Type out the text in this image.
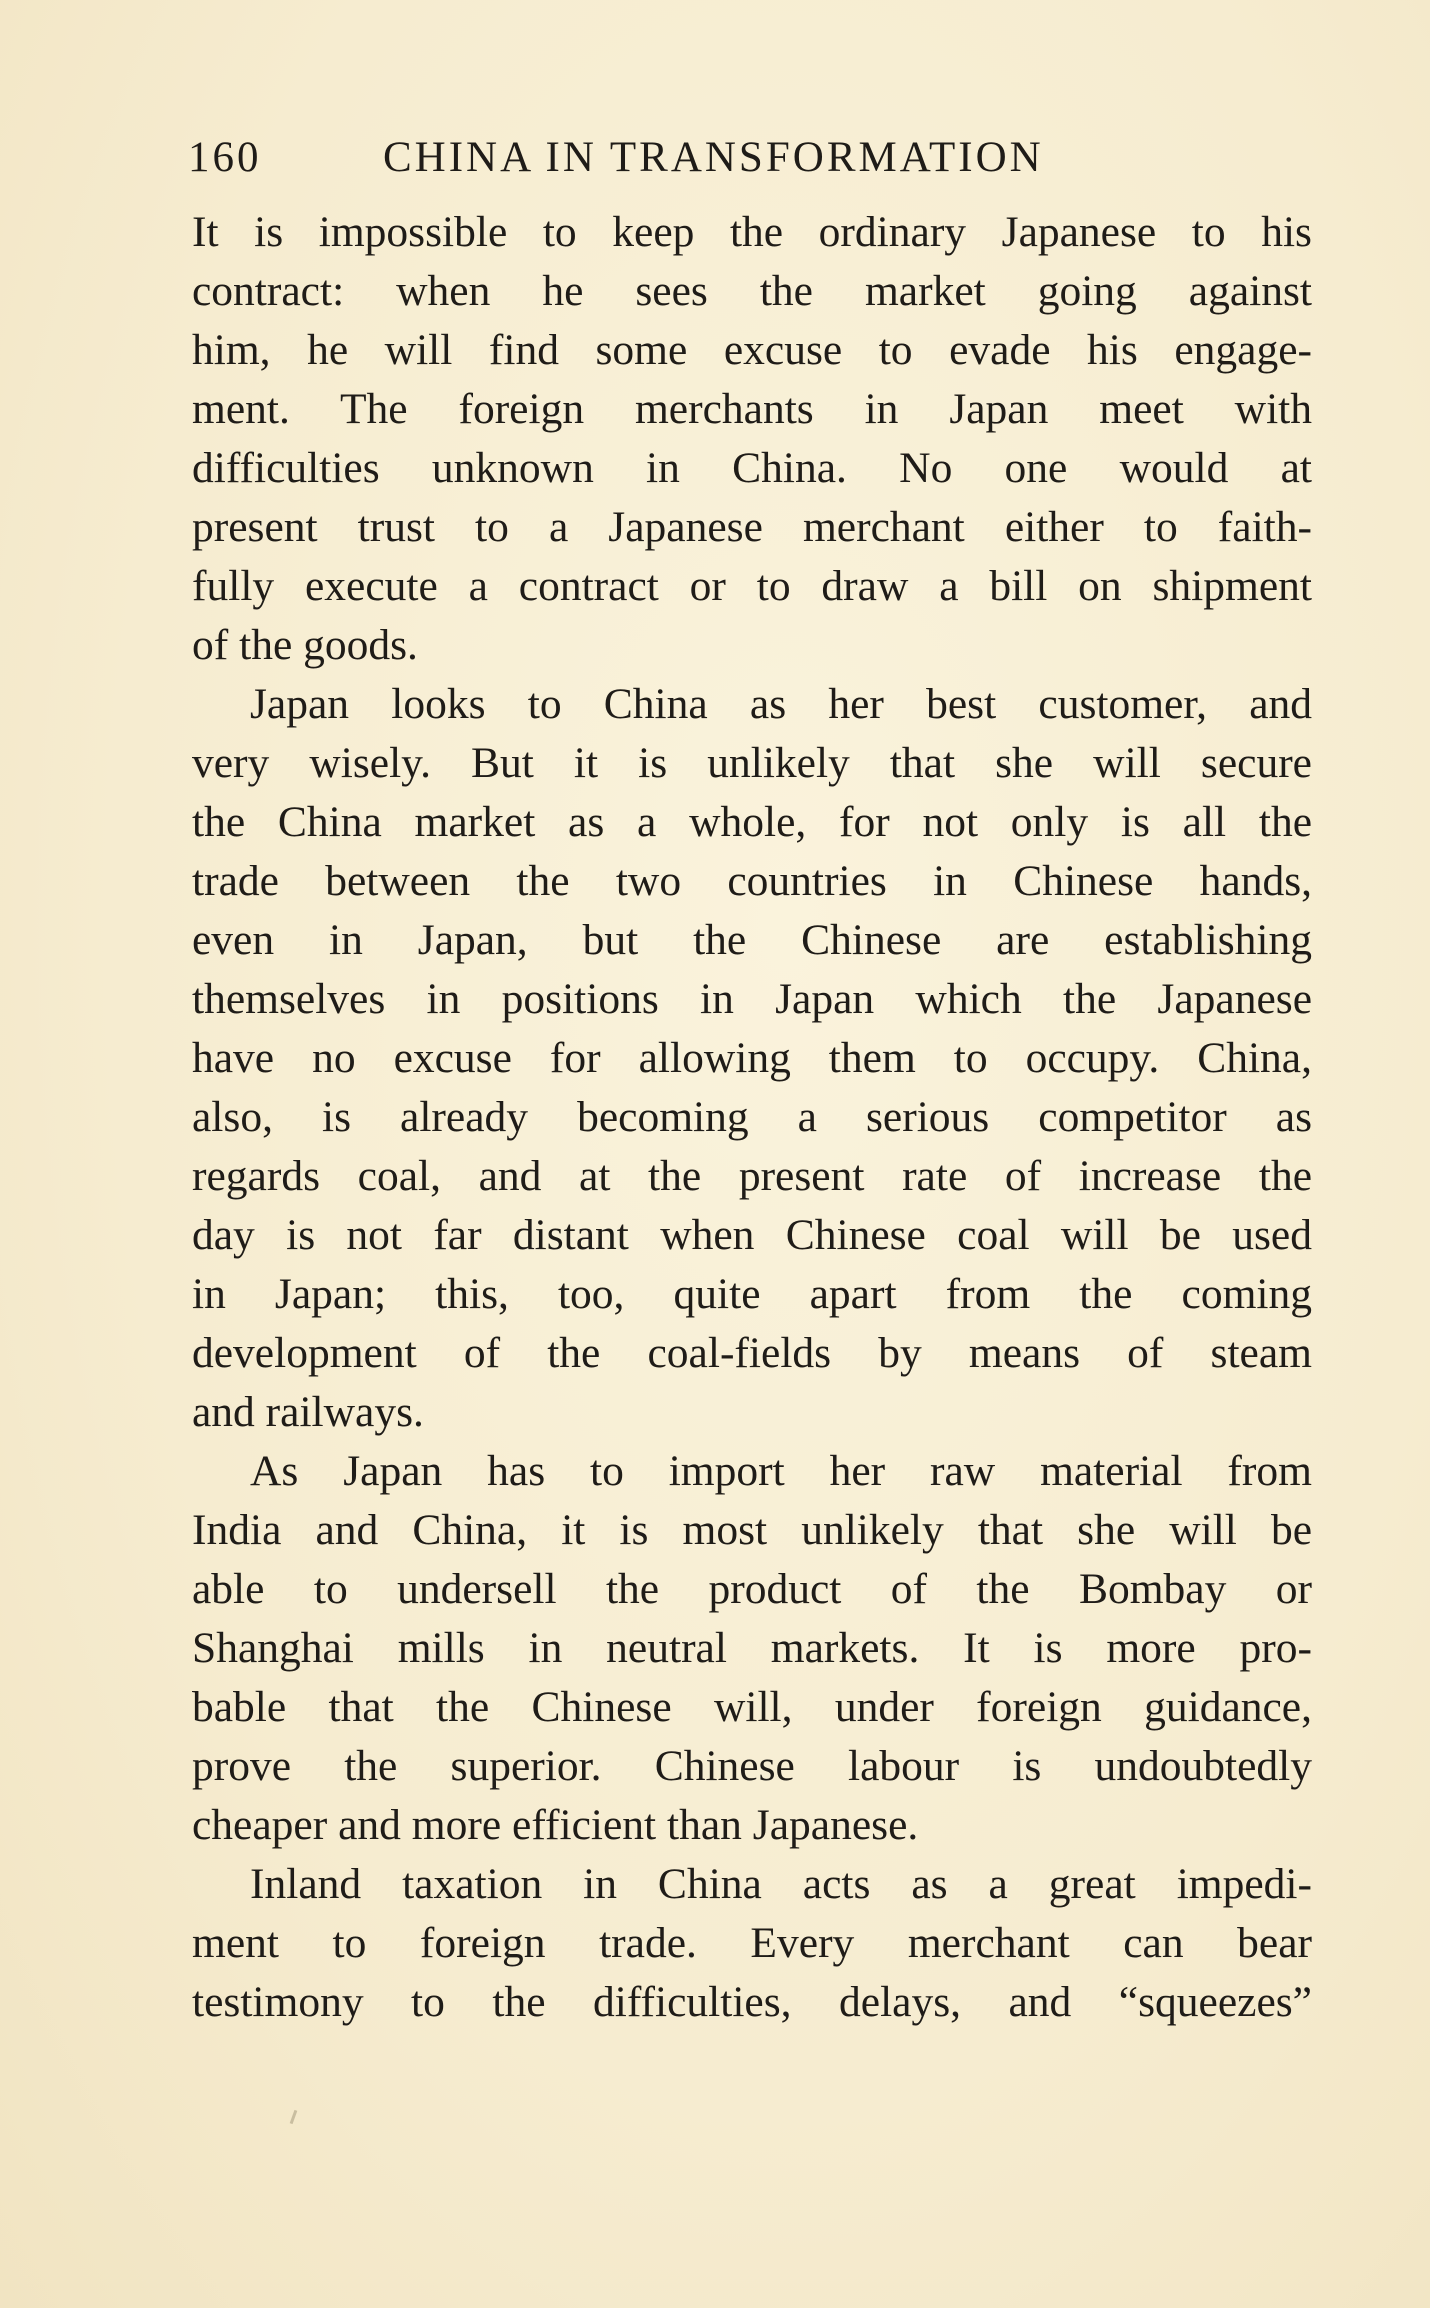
160	CHINA IN TRANSFORMATION
It is impossible to keep the ordinary Japanese to his
contract: when he sees the market going against
him, he will find some excuse to evade his engage-
ment. The foreign merchants in Japan meet with
difficulties unknown in China. No one would at
present trust to a Japanese merchant either to faith-
fully execute a contract or to draw a bill on shipment
of the goods.
Japan looks to China as her best customer, and
very wisely. But it is unlikely that she will secure
the China market as a whole, for not only is all the
trade between the two countries in Chinese hands,
even in Japan, but the Chinese are establishing
themselves in positions in Japan which the Japanese
have no excuse for allowing them to occupy. China,
also, is already becoming a serious competitor as
regards coal, and at the present rate of increase the
day is not far distant when Chinese coal will be used
in Japan; this, too, quite apart from the coming
development of the coal-fields by means of steam
and railways.
As Japan has to import her raw material from
India and China, it is most unlikely that she will be
able to undersell the product of the Bombay or
Shanghai mills in neutral markets. It is more pro-
bable that the Chinese will, under foreign guidance,
prove the superior. Chinese labour is undoubtedly
cheaper and more efficient than Japanese.
Inland taxation in China acts as a great impedi-
ment to foreign trade. Every merchant can bear
testimony to the difficulties, delays, and “squeezes”
